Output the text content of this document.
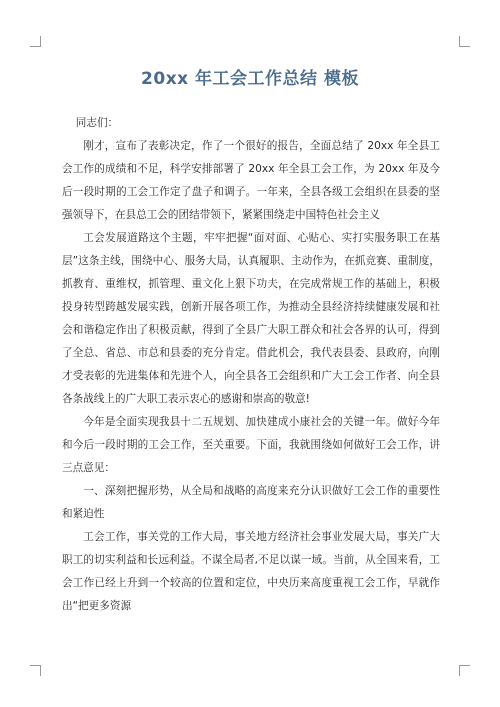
20xx 年工会工作总结 模板

同志们：

刚才，宣布了表彰决定，作了一个很好的报告，全面总结了 20xx 年全县工会工作的成绩和不足，科学安排部署了 20xx 年全县工会工作，为 20xx 年及今后一段时期的工会工作定了盘子和调子。一年来，全县各级工会组织在县委的坚强领导下，在县总工会的团结带领下，紧紧围绕走中国特色社会主义

工会发展道路这个主题，牢牢把握“面对面、心贴心、实打实服务职工在基层”这条主线，围绕中心、服务大局，认真履职、主动作为，在抓竞赛、重制度，抓教育、重维权，抓管理、重文化上狠下功夫，在完成常规工作的基础上，积极投身转型跨越发展实践，创新开展各项工作，为推动全县经济持续健康发展和社会和谐稳定作出了积极贡献，得到了全县广大职工群众和社会各界的认可，得到了全总、省总、市总和县委的充分肯定。借此机会，我代表县委、县政府，向刚才受表彰的先进集体和先进个人，向全县各工会组织和广大工会工作者、向全县各条战线上的广大职工表示衷心的感谢和崇高的敬意!

今年是全面实现我县十二五规划、加快建成小康社会的关键一年。做好今年和今后一段时期的工会工作，至关重要。下面，我就围绕如何做好工会工作，讲三点意见：

一、深刻把握形势，从全局和战略的高度来充分认识做好工会工作的重要性和紧迫性

工会工作，事关党的工作大局，事关地方经济社会事业发展大局，事关广大职工的切实利益和长远利益。不谋全局者,不足以谋一域。当前，从全国来看，工会工作已经上升到一个较高的位置和定位，中央历来高度重视工会工作，早就作出“把更多资源
